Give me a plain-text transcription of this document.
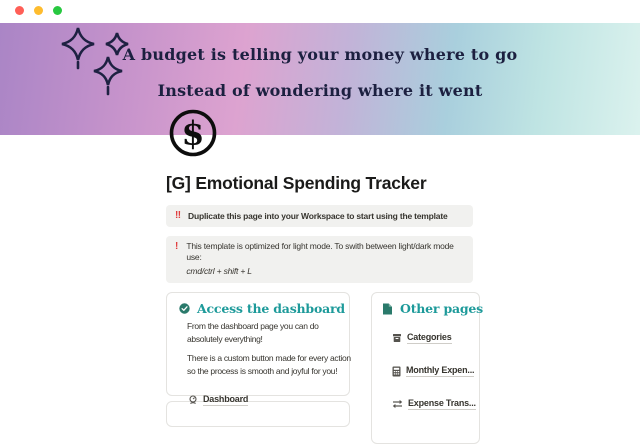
A budget is telling your money where to go
Instead of wondering where it went
$
[G] Emotional Spending Tracker
‼ Duplicate this page into your Workspace to start using the template
! This template is optimized for light mode. To swith between light/dark mode use:
cmd/ctrl + shift + L
Access the dashboard
From the dashboard page you can do
absolutely everything!
There is a custom button made for every action
so the process is smooth and joyful for you!
Dashboard
Other pages
Categories
Monthly Expen...
Expense Trans...
